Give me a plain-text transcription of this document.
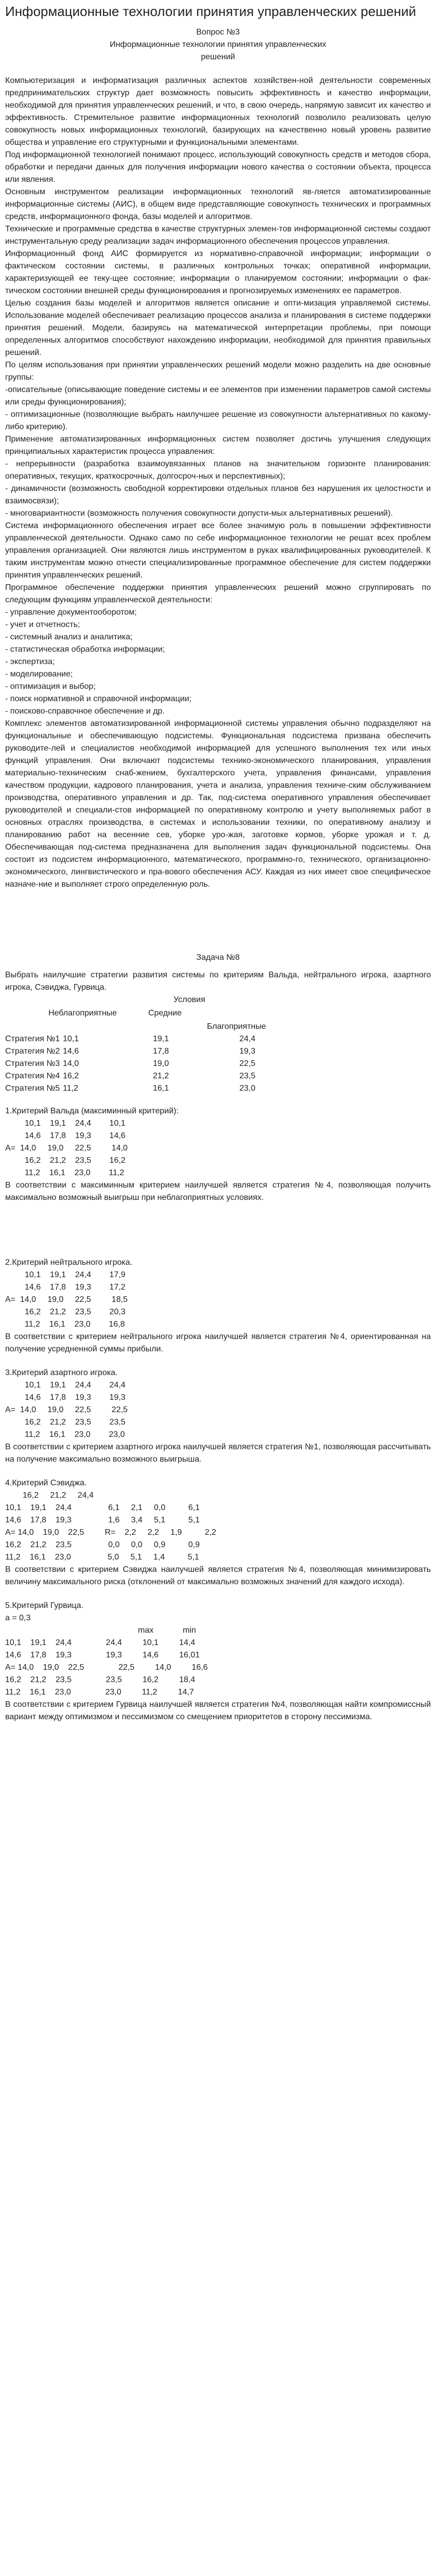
Информационные технологии принятия управленческих решений

Вопрос №3

Информационные технологии принятия управленческих

решений

Компьютеризация и информатизация различных аспектов хозяйствен-ной деятельности современных предпринимательских структур дает возможность повысить эффективность и качество информации, необходимой для принятия управленческих решений, и что, в свою очередь, напрямую зависит их качество и эффективность. Стремительное развитие информационных технологий позволило реализовать целую совокупность новых информационных технологий, базирующих на качественно новый уровень развитие общества и управление его структурными и функциональными элементами.

Под информационной технологией понимают процесс, использующий совокупность средств и методов сбора, обработки и передачи данных для получения информации нового качества о состоянии объекта, процесса или явления.

Основным инструментом реализации информационных технологий яв-ляется автоматизированные информационные системы (АИС), в общем виде представляющие совокупность технических и программных средств, информационного фонда, базы моделей и алгоритмов.

Технические и программные средства в качестве структурных элемен-тов информационной системы создают инструментальную среду реализации задач информационного обеспечения процессов управления.

Информационный фонд АИС формируется из нормативно-справочной информации; информации о фактическом состоянии системы, в различных контрольных точках; оперативной информации, характеризующей ее теку-щее состояние; информации о планируемом состоянии; информации о фак-тическом состоянии внешней среды функционирования и прогнозируемых изменениях ее параметров.

Целью создания базы моделей и алгоритмов является описание и опти-мизация управляемой системы. Использование моделей обеспечивает реализацию процессов анализа и планирования в системе поддержки принятия решений. Модели, базируясь на математической интерпретации проблемы, при помощи определенных алгоритмов способствуют нахождению информации, необходимой для принятия правильных решений.

По целям использования при принятии управленческих решений модели можно разделить на две основные группы:

-описательные (описывающие поведение системы и ее элементов при изменении параметров самой системы или среды функционирования);

- оптимизационные (позволяющие выбрать наилучшее решение из совокупности альтернативных по какому-либо критерию).

Применение автоматизированных информационных систем позволяет достичь улучшения следующих принципиальных характеристик процесса управления:

- непрерывности (разработка взаимоувязанных планов на значительном горизонте планирования: оперативных, текущих, краткосрочных, долгосроч-ных и перспективных);

- динамичности (возможность свободной корректировки отдельных планов без нарушения их целостности и взаимосвязи);

- многовариантности (возможность получения совокупности допусти-мых альтернативных решений).

Система информационного обеспечения играет все более значимую роль в повышении эффективности управленческой деятельности. Однако само по себе информационное технологии не решат всех проблем управления организацией. Они являются лишь инструментом в руках квалифицированных руководителей. К таким инструментам можно отнести специализированные программное обеспечение для систем поддержки принятия управленческих решений.

Программное обеспечение поддержки принятия управленческих решений можно сгруппировать по следующим функциям управленческой деятельности:

- управление документооборотом;

- учет и отчетность;

- системный анализ и аналитика;

- статистическая обработка информации;

- экспертиза;

- моделирование;

- оптимизация и выбор;

- поиск нормативной и справочной информации;

- поисково-справочное обеспечение и др.

Комплекс элементов автоматизированной информационной системы управления обычно подразделяют на функциональные и обеспечивающую подсистемы. Функциональная подсистема призвана обеспечить руководите-лей и специалистов необходимой информацией для успешного выполнения тех или иных функций управления. Они включают подсистемы технико-экономического планирования, управления материально-техническим снаб-жением, бухгалтерского учета, управления финансами, управления качеством продукции, кадрового планирования, учета и анализа, управления техниче-ским обслуживанием производства, оперативного управления и др. Так, под-система оперативного управления обеспечивает руководителей и специали-стов информацией по оперативному контролю и учету выполняемых работ в основных отраслях производства, в системах и использовании техники, по оперативному анализу и планированию работ на весенние сев, уборке уро-жая, заготовке кормов, уборке урожая и т. д. Обеспечивающая под-система предназначена для выполнения задач функциональной подсистемы. Она состоит из подсистем информационного, математического, программно-го, технического, организационно-экономического, лингвистического и пра-вового обеспечения АСУ. Каждая из них имеет свое специфическое назначе-ние и выполняет строго определенную роль.

Задача №8

Выбрать наилучшие стратегии развития системы по критериям Вальда, нейтрального игрока, азартного игрока, Сэвиджа, Гурвица.

Условия
Неблагоприятные	Средние
Благоприятные
Стратегия №1 10,1	19,1	24,4
Стратегия №2 14,6	17,8	19,3
Стратегия №3 14,0	19,0	22,5
Стратегия №4 16,2	21,2	23,5
Стратегия №5 11,2	16,1	23,0

1.Критерий Вальда (максиминный критерий):

10,1    19,1    24,4        10,1

14,6    17,8    19,3        14,6

А=  14,0     19,0     22,5         14,0

16,2    21,2    23,5        16,2

11,2    16,1    23,0        11,2

В соответствии с максиминным критерием наилучшей является стратегия №4, позволяющая получить максимально возможный выигрыш при неблагоприятных условиях.

2.Критерий нейтрального игрока.

10,1    19,1    24,4        17,9

14,6    17,8    19,3        17,2

А=  14,0     19,0     22,5         18,5

16,2    21,2    23,5        20,3

11,2    16,1    23,0        16,8

В соответствии с критерием нейтрального игрока наилучшей является стратегия №4, ориентированная на получение усредненной суммы прибыли.

3.Критерий азартного игрока.

10,1    19,1    24,4        24,4

14,6    17,8    19,3        19,3

А=  14,0     19,0     22,5         22,5

16,2    21,2    23,5        23,5

11,2    16,1    23,0        23,0

В соответствии с критерием азартного игрока наилучшей является стратегия №1, позволяющая рассчитывать на получение максимально возможного выигрыша.

4.Критерий Сэвиджа.

16,2     21,2     24,4

10,1    19,1    24,4                6,1     2,1     0,0          6,1

14,6    17,8    19,3                1,6     3,4     5,1          5,1

А= 14,0    19,0    22,5         R=    2,2     2,2     1,9          2,2

16,2    21,2    23,5                0,0     0,0     0,9          0,9

11,2    16,1    23,0                5,0     5,1     1,4          5,1

В соответствии с критерием Сэвиджа наилучшей является стратегия №4, позволяющая минимизировать величину максимального риска (отклонений от максимально возможных значений для каждого исхода).

5.Критерий Гурвица.

a = 0,3

max	min

10,1    19,1    24,4               24,4         10,1         14,4

14,6    17,8    19,3               19,3         14,6         16,01

А= 14,0    19,0    22,5               22,5         14,0         16,6

16,2    21,2    23,5               23,5         16,2         18,4

11,2    16,1    23,0               23,0         11,2         14,7

В соответствии с критерием Гурвица наилучшей является стратегия №4, позволяющая найти компромиссный вариант между оптимизмом и пессимизмом со смещением приоритетов в сторону пессимизма.
